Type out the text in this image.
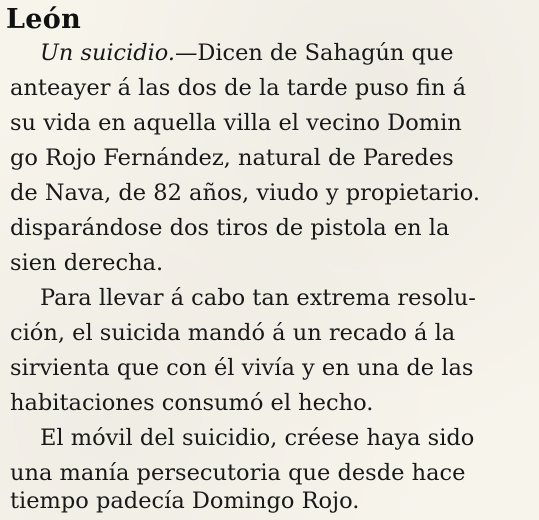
León
Un suicidio.—Dicen de Sahagún que
anteayer á las dos de la tarde puso fin á
su vida en aquella villa el vecino Domin
go Rojo Fernández, natural de Paredes
de Nava, de 82 años, viudo y propietario.
disparándose dos tiros de pistola en la
sien derecha.
Para llevar á cabo tan extrema resolu-
ción, el suicida mandó á un recado á la
sirvienta que con él vivía y en una de las
habitaciones consumó el hecho.
El móvil del suicidio, créese haya sido
una manía persecutoria que desde hace
tiempo padecía Domingo Rojo.
